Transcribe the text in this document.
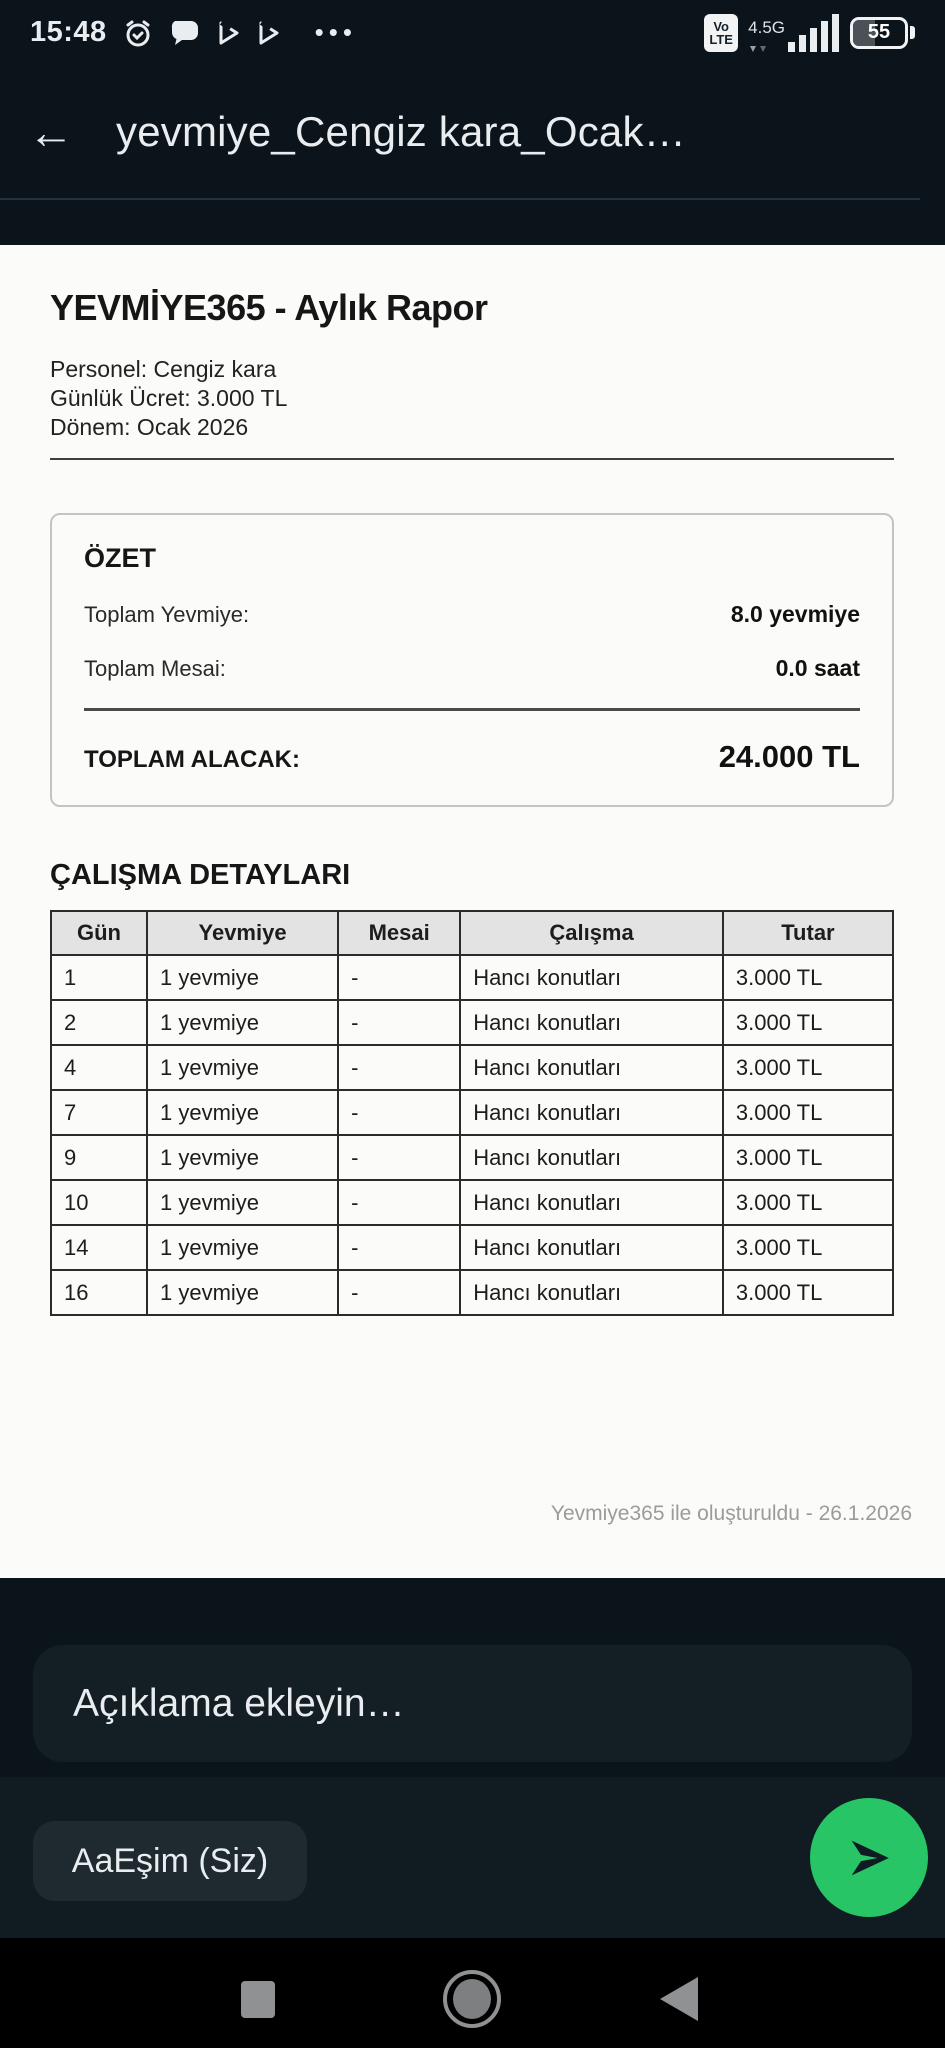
15:48	•••	Vo
LTE
4.5G	55
← yevmiye_Cengiz kara_Ocak…
YEVMİYE365 - Aylık Rapor
Personel: Cengiz kara
Günlük Ücret: 3.000 TL
Dönem: Ocak 2026
ÖZET
Toplam Yevmiye:	8.0 yevmiye
Toplam Mesai:	0.0 saat
TOPLAM ALACAK:	24.000 TL
ÇALIŞMA DETAYLARI
Gün	Yevmiye	Mesai	Çalışma	Tutar
1	1 yevmiye	-	Hancı konutları	3.000 TL
2	1 yevmiye	-	Hancı konutları	3.000 TL
4	1 yevmiye	-	Hancı konutları	3.000 TL
7	1 yevmiye	-	Hancı konutları	3.000 TL
9	1 yevmiye	-	Hancı konutları	3.000 TL
10	1 yevmiye	-	Hancı konutları	3.000 TL
14	1 yevmiye	-	Hancı konutları	3.000 TL
16	1 yevmiye	-	Hancı konutları	3.000 TL
Yevmiye365 ile oluşturuldu - 26.1.2026
Açıklama ekleyin…
AaEşim (Siz)
